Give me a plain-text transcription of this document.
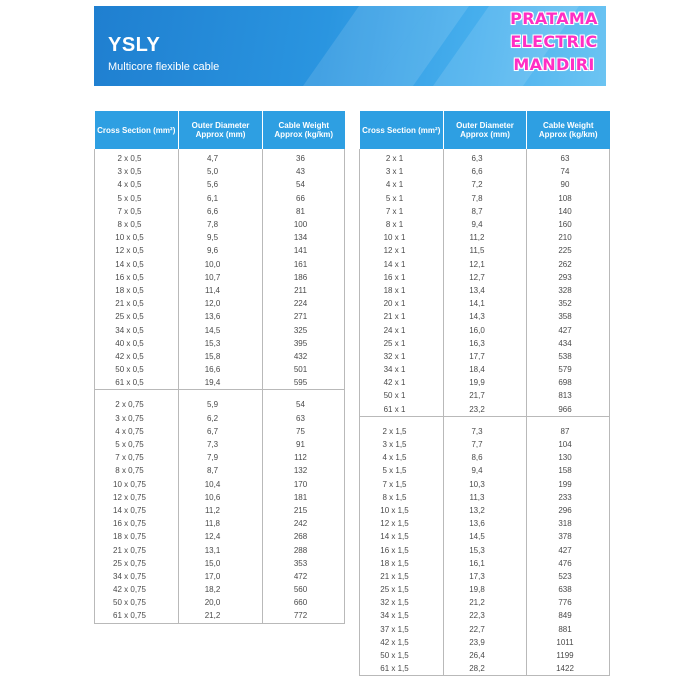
YSLY
Multicore flexible cable
PRATAMA
ELECTRIC
MANDIRI
Cross Section (mm²)	Outer Diameter Approx (mm)	Cable Weight Approx (kg/km)
2 x 0,5	4,7	36
3 x 0,5	5,0	43
4 x 0,5	5,6	54
5 x 0,5	6,1	66
7 x 0,5	6,6	81
8 x 0,5	7,8	100
10 x 0,5	9,5	134
12 x 0,5	9,6	141
14 x 0,5	10,0	161
16 x 0,5	10,7	186
18 x 0,5	11,4	211
21 x 0,5	12,0	224
25 x 0,5	13,6	271
34 x 0,5	14,5	325
40 x 0,5	15,3	395
42 x 0,5	15,8	432
50 x 0,5	16,6	501
61 x 0,5	19,4	595
2 x 0,75	5,9	54
3 x 0,75	6,2	63
4 x 0,75	6,7	75
5 x 0,75	7,3	91
7 x 0,75	7,9	112
8 x 0,75	8,7	132
10 x 0,75	10,4	170
12 x 0,75	10,6	181
14 x 0,75	11,2	215
16 x 0,75	11,8	242
18 x 0,75	12,4	268
21 x 0,75	13,1	288
25 x 0,75	15,0	353
34 x 0,75	17,0	472
42 x 0,75	18,2	560
50 x 0,75	20,0	660
61 x 0,75	21,2	772
Cross Section (mm²)	Outer Diameter Approx (mm)	Cable Weight Approx (kg/km)
2 x 1	6,3	63
3 x 1	6,6	74
4 x 1	7,2	90
5 x 1	7,8	108
7 x 1	8,7	140
8 x 1	9,4	160
10 x 1	11,2	210
12 x 1	11,5	225
14 x 1	12,1	262
16 x 1	12,7	293
18 x 1	13,4	328
20 x 1	14,1	352
21 x 1	14,3	358
24 x 1	16,0	427
25 x 1	16,3	434
32 x 1	17,7	538
34 x 1	18,4	579
42 x 1	19,9	698
50 x 1	21,7	813
61 x 1	23,2	966
2 x 1,5	7,3	87
3 x 1,5	7,7	104
4 x 1,5	8,6	130
5 x 1,5	9,4	158
7 x 1,5	10,3	199
8 x 1,5	11,3	233
10 x 1,5	13,2	296
12 x 1,5	13,6	318
14 x 1,5	14,5	378
16 x 1,5	15,3	427
18 x 1,5	16,1	476
21 x 1,5	17,3	523
25 x 1,5	19,8	638
32 x 1,5	21,2	776
34 x 1,5	22,3	849
37 x 1,5	22,7	881
42 x 1,5	23,9	1011
50 x 1,5	26,4	1199
61 x 1,5	28,2	1422
